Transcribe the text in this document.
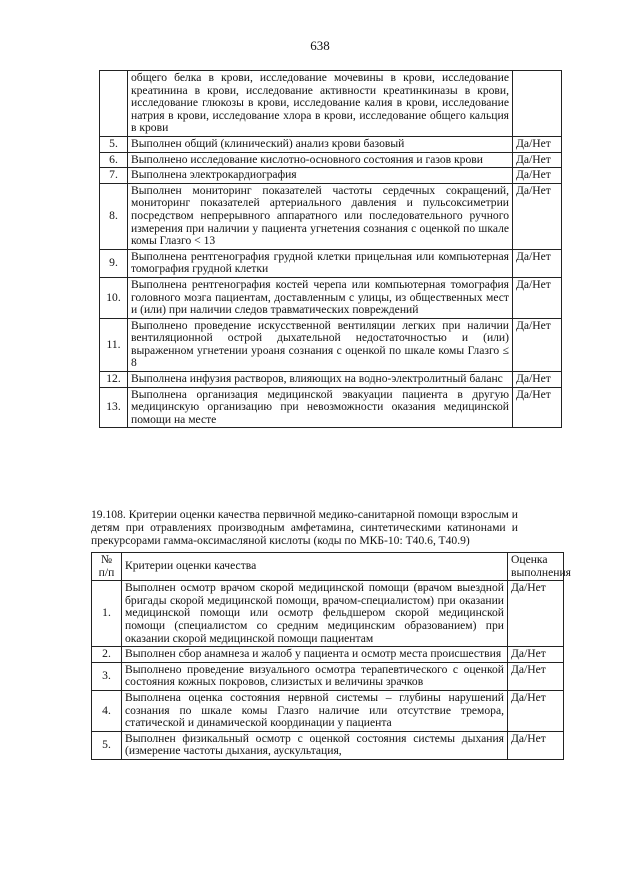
638
	общего белка в крови, исследование мочевины в крови, исследование креатинина в крови, исследование активности креатинкиназы в крови, исследование глюкозы в крови, исследование калия в крови, исследование натрия в крови, исследование хлора в крови, исследование общего кальция в крови	
5.	Выполнен общий (клинический) анализ крови базовый	Да/Нет
6.	Выполнено исследование кислотно-основного состояния и газов крови	Да/Нет
7.	Выполнена электрокардиография	Да/Нет
8.	Выполнен мониторинг показателей частоты сердечных сокращений, мониторинг показателей артериального давления и пульсоксиметрии посредством непрерывного аппаратного или последовательного ручного измерения при наличии у пациента угнетения сознания с оценкой по шкале комы Глазго < 13	Да/Нет
9.	Выполнена рентгенография грудной клетки прицельная или компьютерная томография грудной клетки	Да/Нет
10.	Выполнена рентгенография костей черепа или компьютерная томография головного мозга пациентам, доставленным с улицы, из общественных мест и (или) при наличии следов травматических повреждений	Да/Нет
11.	Выполнено проведение искусственной вентиляции легких при наличии вентиляционной острой дыхательной недостаточностью и (или) выраженном угнетении уроаня сознания с оценкой по шкале комы Глазго ≤ 8	Да/Нет
12.	Выполнена инфузия растворов, влияющих на водно-электролитный баланс	Да/Нет
13.	Выполнена организация медицинской эвакуации пациента в другую медицинскую организацию при невозможности оказания медицинской помощи на месте	Да/Нет
19.108. Критерии оценки качества первичной медико-санитарной помощи взрослым и детям при отравлениях производным амфетамина, синтетическими катинонами и прекурсорами гамма-оксимасляной кислоты (коды по МКБ-10: T40.6, T40.9)
№ п/п	Критерии оценки качества	Оценка выполнения
1.	Выполнен осмотр врачом скорой медицинской помощи (врачом выездной бригады скорой медицинской помощи, врачом-специалистом) при оказании медицинской помощи или осмотр фельдшером скорой медицинской помощи (специалистом со средним медицинским образованием) при оказании скорой медицинской помощи пациентам	Да/Нет
2.	Выполнен сбор анамнеза и жалоб у пациента и осмотр места происшествия	Да/Нет
3.	Выполнено проведение визуального осмотра терапевтического с оценкой состояния кожных покровов, слизистых и величины зрачков	Да/Нет
4.	Выполнена оценка состояния нервной системы – глубины нарушений сознания по шкале комы Глазго наличие или отсутствие тремора, статической и динамической координации у пациента	Да/Нет
5.	Выполнен физикальный осмотр с оценкой состояния системы дыхания (измерение частоты дыхания, аускультация,	Да/Нет
